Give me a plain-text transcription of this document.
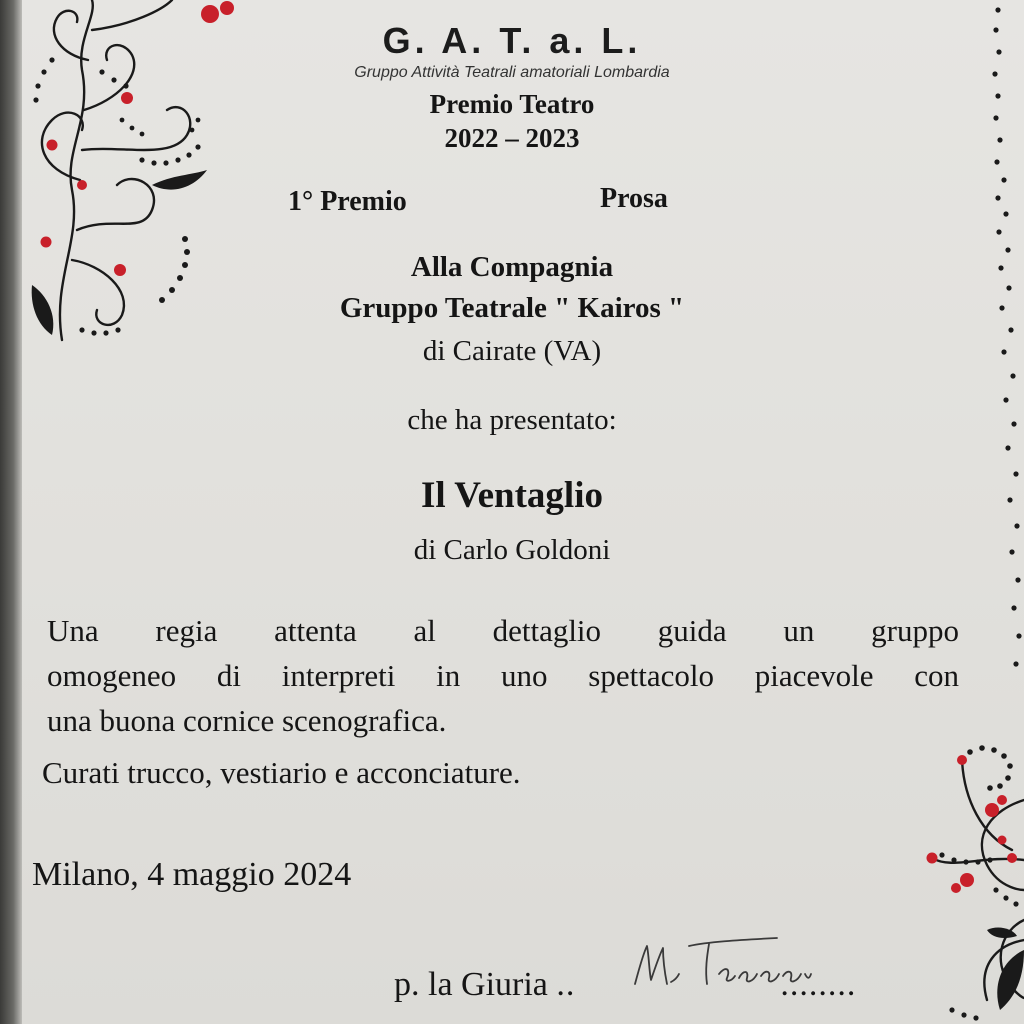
G. A. T. a. L.
Gruppo Attività Teatrali amatoriali Lombardia
Premio Teatro
2022 – 2023
1° Premio	Prosa
Alla Compagnia
Gruppo Teatrale " Kairos "
di Cairate (VA)
che ha presentato:
Il Ventaglio
di Carlo Goldoni
Una regia attenta al dettaglio guida un gruppo
omogeneo di interpreti in uno spettacolo piacevole con
una buona cornice scenografica.
Curati trucco, vestiario e acconciature.
Milano, 4 maggio 2024
p. la Giuria ..	........
